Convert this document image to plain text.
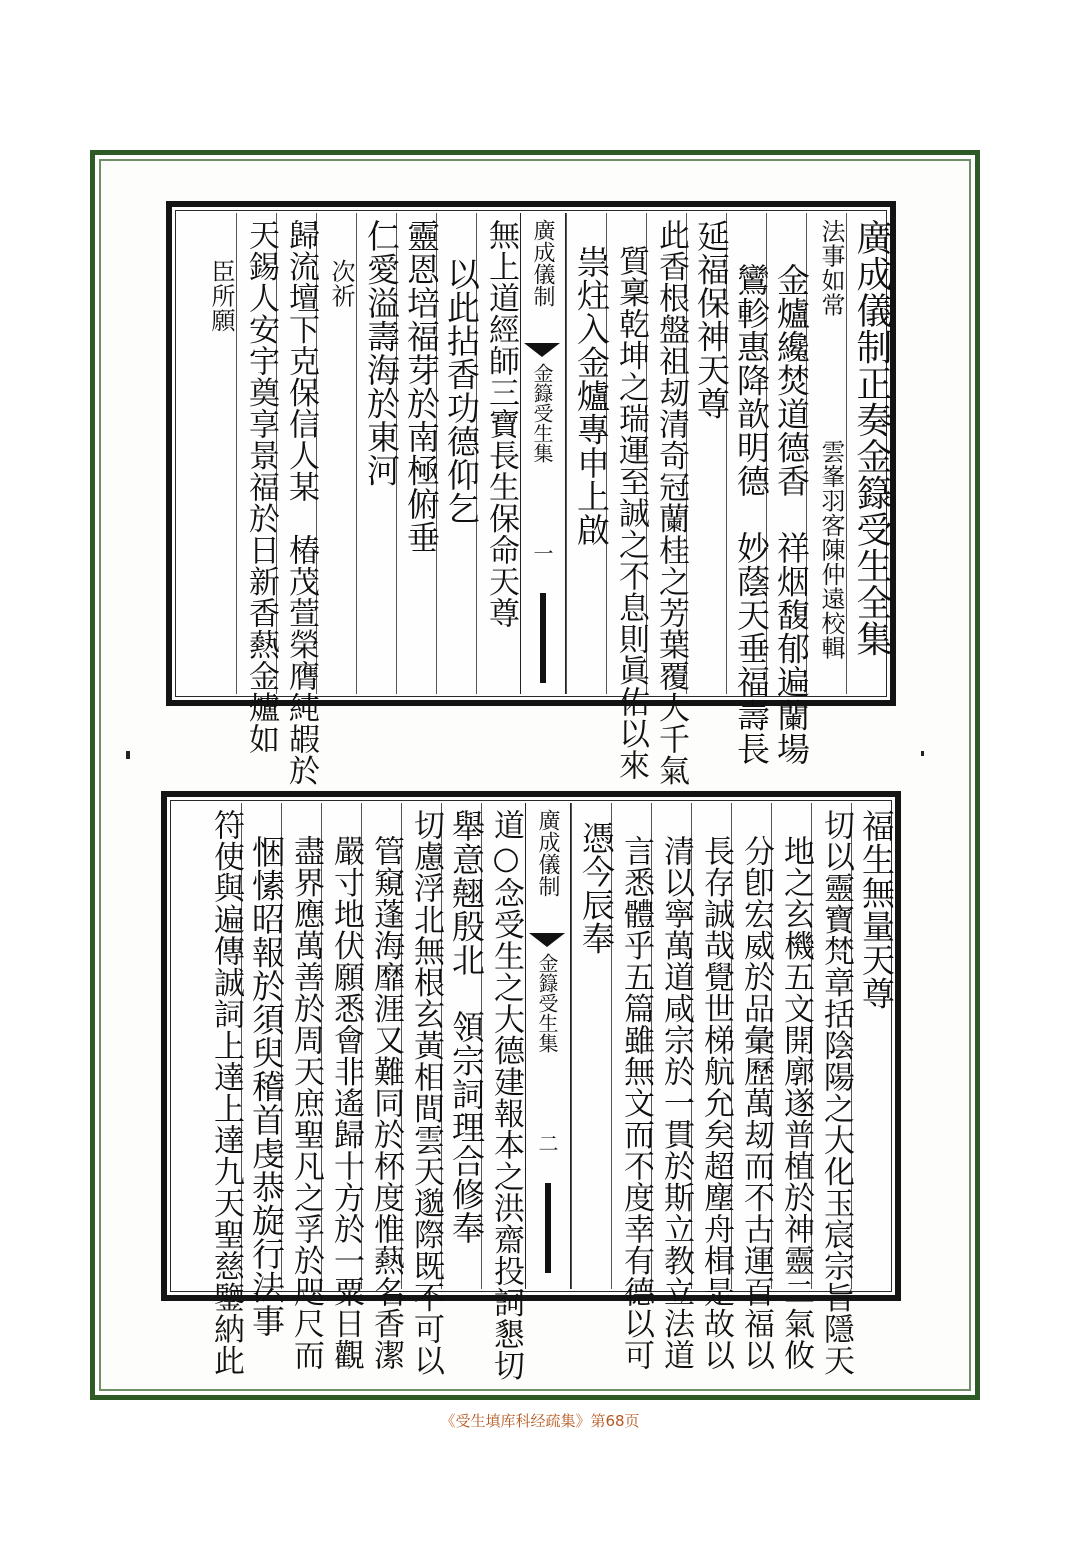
廣成儀制正奏金籙受生全集
法事如常　　　　　雲峯羽客陳仲遠校輯
金爐纔焚道德香　祥烟馥郁遍蘭場
鸞軫惠降歆明德　妙蔭天垂福壽長
延福保神天尊
此香根盤祖刼清奇冠蘭桂之芳葉覆大千氣
質稟乾坤之瑞運至誠之不息則眞佑以來
祟炷入金爐專申上啟
廣成儀制
金籙受生集
一
無上道經師三寶長生保命天尊
以此拈香功德仰乞
靈恩培福芽於南極俯垂
仁愛溢壽海於東河
次祈
歸流壇下克保信人某　椿茂萱榮膺純嘏於
天錫人安宇奠享景福於日新香爇金爐如
臣所願
福生無量天尊
切以靈寶梵章括陰陽之大化玉宸宗旨隱天
地之玄機五文開廓遂普植於神靈二氣攸
分卽宏威於品彙歷萬刼而不古運百福以
長存誠哉覺世梯航允矣超塵舟楫是故以
清以寧萬道咸宗於一貫於斯立教立法道
言悉體乎五篇雖無文而不度幸有德以可
憑今辰奉
廣成儀制
金籙受生集
二
道○念受生之大德建報本之洪齋投詞懇切
舉意翹殷北　領宗詞理合修奉
切慮浮北無根玄黃相間雲天邈際既不可以
管窺蓬海靡涯又難同於杯度惟爇名香潔
嚴寸地伏願悉會非遙歸十方於一粟日觀
盡界應萬善於周天庶聖凡之孚於咫尺而
悃愫昭報於須臾稽首虔恭旋行法事
符使與遍傳誠詞上達上達九天聖慈鑒納此
《受生填库科经疏集》第68页
